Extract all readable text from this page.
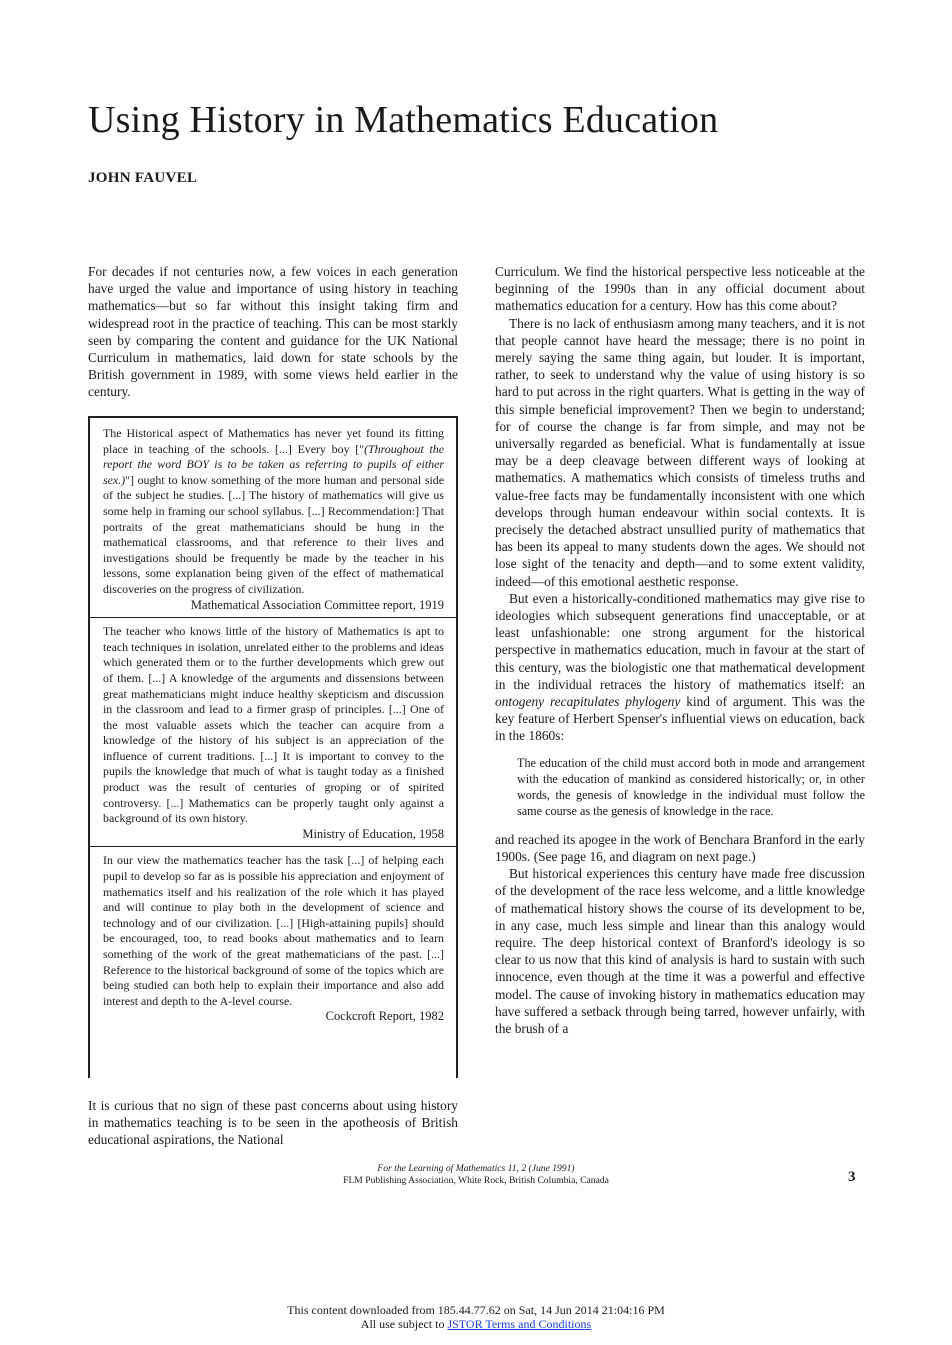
Using History in Mathematics Education
JOHN FAUVEL

For decades if not centuries now, a few voices in each generation have urged the value and importance of using history in teaching mathematics—but so far without this insight taking firm and widespread root in the practice of teaching. This can be most starkly seen by comparing the content and guidance for the UK National Curriculum in mathematics, laid down for state schools by the British government in 1989, with some views held earlier in the century.

The Historical aspect of Mathematics has never yet found its fitting place in teaching of the schools. [...] Every boy ["(Throughout the report the word BOY is to be taken as referring to pupils of either sex.)"] ought to know something of the more human and personal side of the subject he studies. [...] The history of mathematics will give us some help in framing our school syllabus. [...] Recommendation:] That portraits of the great mathematicians should be hung in the mathematical classrooms, and that reference to their lives and investigations should be frequently be made by the teacher in his lessons, some explanation being given of the effect of mathematical discoveries on the progress of civilization.

Mathematical Association Committee report, 1919

The teacher who knows little of the history of Mathematics is apt to teach techniques in isolation, unrelated either to the problems and ideas which generated them or to the further developments which grew out of them. [...] A knowledge of the arguments and dissensions between great mathematicians might induce healthy skepticism and discussion in the classroom and lead to a firmer grasp of principles. [...] One of the most valuable assets which the teacher can acquire from a knowledge of the history of his subject is an appreciation of the influence of current traditions. [...] It is important to convey to the pupils the knowledge that much of what is taught today as a finished product was the result of centuries of groping or of spirited controversy. [...] Mathematics can be properly taught only against a background of its own history.

Ministry of Education, 1958

In our view the mathematics teacher has the task [...] of helping each pupil to develop so far as is possible his appreciation and enjoyment of mathematics itself and his realization of the role which it has played and will continue to play both in the development of science and technology and of our civilization. [...] [High-attaining pupils] should be encouraged, too, to read books about mathematics and to learn something of the work of the great mathematicians of the past. [...] Reference to the historical background of some of the topics which are being studied can both help to explain their importance and also add interest and depth to the A-level course.

Cockcroft Report, 1982

It is curious that no sign of these past concerns about using history in mathematics teaching is to be seen in the apotheosis of British educational aspirations, the National

Curriculum. We find the historical perspective less noticeable at the beginning of the 1990s than in any official document about mathematics education for a century. How has this come about?

There is no lack of enthusiasm among many teachers, and it is not that people cannot have heard the message; there is no point in merely saying the same thing again, but louder. It is important, rather, to seek to understand why the value of using history is so hard to put across in the right quarters. What is getting in the way of this simple beneficial improvement? Then we begin to understand; for of course the change is far from simple, and may not be universally regarded as beneficial. What is fundamentally at issue may be a deep cleavage between different ways of looking at mathematics. A mathematics which consists of timeless truths and value-free facts may be fundamentally inconsistent with one which develops through human endeavour within social contexts. It is precisely the detached abstract unsullied purity of mathematics that has been its appeal to many students down the ages. We should not lose sight of the tenacity and depth—and to some extent validity, indeed—of this emotional aesthetic response.

But even a historically-conditioned mathematics may give rise to ideologies which subsequent generations find unacceptable, or at least unfashionable: one strong argument for the historical perspective in mathematics education, much in favour at the start of this century, was the biologistic one that mathematical development in the individual retraces the history of mathematics itself: an ontogeny recapitulates phylogeny kind of argument. This was the key feature of Herbert Spenser's influential views on education, back in the 1860s:

The education of the child must accord both in mode and arrangement with the education of mankind as considered historically; or, in other words, the genesis of knowledge in the individual must follow the same course as the genesis of knowledge in the race.

and reached its apogee in the work of Benchara Branford in the early 1900s. (See page 16, and diagram on next page.)

But historical experiences this century have made free discussion of the development of the race less welcome, and a little knowledge of mathematical history shows the course of its development to be, in any case, much less simple and linear than this analogy would require. The deep historical context of Branford's ideology is so clear to us now that this kind of analysis is hard to sustain with such innocence, even though at the time it was a powerful and effective model. The cause of invoking history in mathematics education may have suffered a setback through being tarred, however unfairly, with the brush of a

For the Learning of Mathematics 11, 2 (June 1991)
FLM Publishing Association, White Rock, British Columbia, Canada	3
This content downloaded from 185.44.77.62 on Sat, 14 Jun 2014 21:04:16 PM
All use subject to JSTOR Terms and Conditions
